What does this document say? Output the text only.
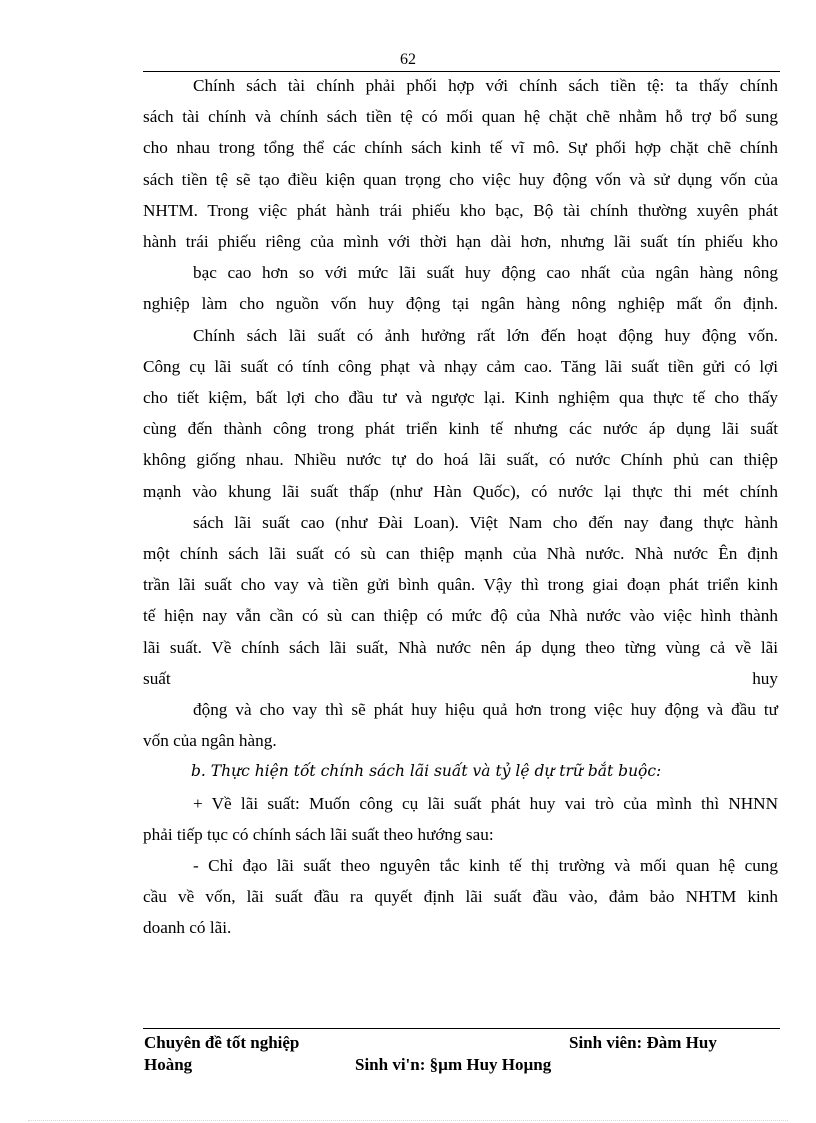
62
Chính sách tài chính phải phối hợp với chính sách tiền tệ: ta thấy chính
sách tài chính và chính sách tiền tệ có mối quan hệ chặt chẽ nhằm hỗ trợ bổ sung
cho nhau trong tổng thể các chính sách kinh tế vĩ mô. Sự phối hợp chặt chẽ chính
sách tiền tệ sẽ tạo điều kiện quan trọng cho việc huy động vốn và sử dụng vốn của
NHTM. Trong việc phát hành trái phiếu kho bạc, Bộ tài chính thường xuyên phát
hành trái phiếu riêng của mình với thời hạn dài hơn, nhưng lãi suất tín phiếu kho
bạc cao hơn so với mức lãi suất huy động cao nhất của ngân hàng nông
nghiệp làm cho nguồn vốn huy động tại ngân hàng nông nghiệp mất ổn định.
Chính sách lãi suất có ảnh hưởng rất lớn đến hoạt động huy động vốn.
Công cụ lãi suất có tính công phạt và nhạy cảm cao. Tăng lãi suất tiền gửi có lợi
cho tiết kiệm, bất lợi cho đầu tư và ngược lại. Kinh nghiệm qua thực tế cho thấy
cùng đến thành công trong phát triển kinh tế nhưng các nước áp dụng lãi suất
không giống nhau. Nhiều nước tự do hoá lãi suất, có nước Chính phủ can thiệp
mạnh vào khung lãi suất thấp (như Hàn Quốc), có nước lại thực thi mét chính
sách lãi suất cao (như Đài Loan). Việt Nam cho đến nay đang thực hành
một chính sách lãi suất có sù can thiệp mạnh của Nhà nước. Nhà nước Ên định
trần lãi suất cho vay và tiền gửi bình quân. Vậy thì trong giai đoạn phát triển kinh
tế hiện nay vẫn cần có sù can thiệp có mức độ của Nhà nước vào việc hình thành
lãi suất. Về chính sách lãi suất, Nhà nước nên áp dụng theo từng vùng cả về lãi
suất huy
động và cho vay thì sẽ phát huy hiệu quả hơn trong việc huy động và đầu tư
vốn của ngân hàng.
b. Thực hiện tốt chính sách lãi suất và tỷ lệ dự trữ bắt buộc:
+ Về lãi suất: Muốn công cụ lãi suất phát huy vai trò của mình thì NHNN
phải tiếp tục có chính sách lãi suất theo hướng sau:
- Chỉ đạo lãi suất theo nguyên tắc kinh tế thị trường và mối quan hệ cung
cầu về vốn, lãi suất đầu ra quyết định lãi suất đầu vào, đảm bảo NHTM kinh
doanh có lãi.
Chuyên đề tốt nghiệp	Sinh viên: Đàm Huy
Hoàng	Sinh vi'n: §µm Huy Hoµng
